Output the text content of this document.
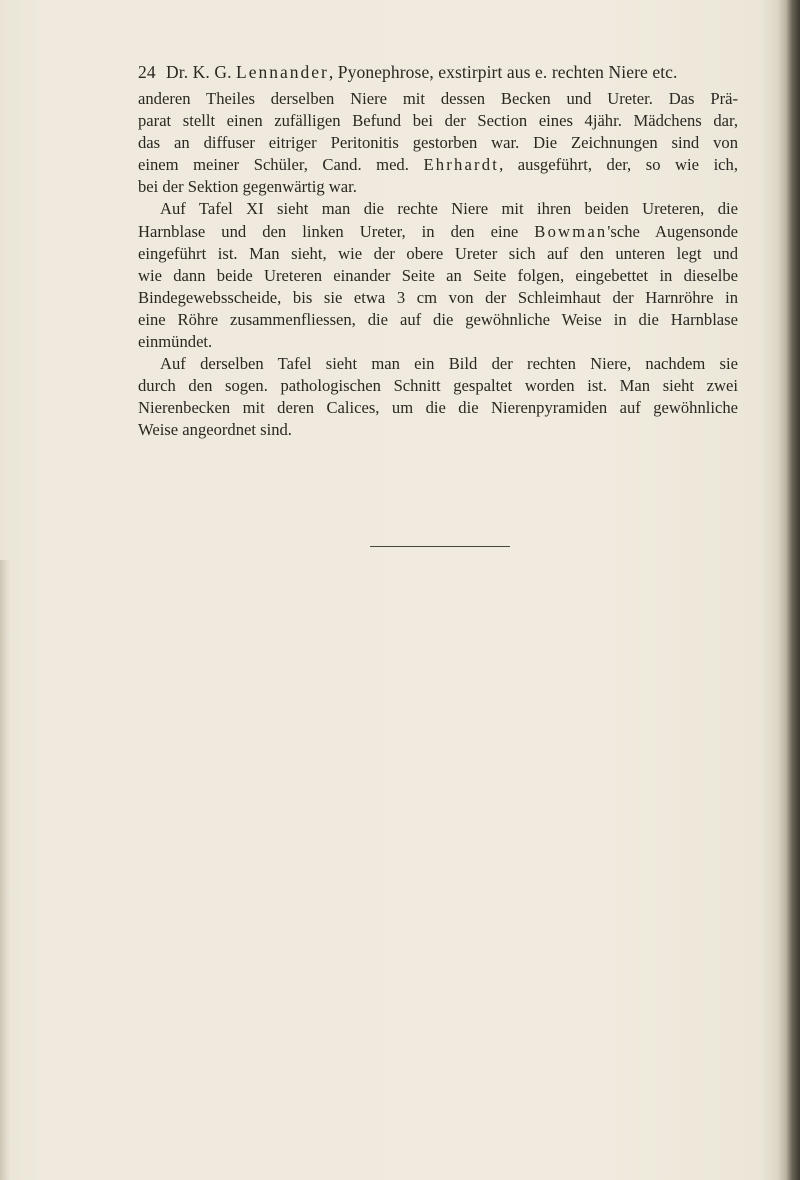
24 Dr. K. G. Lennander, Pyonephrose, exstirpirt aus e. rechten Niere etc.

anderen Theiles derselben Niere mit dessen Becken und Ureter. Das Prä-

parat stellt einen zufälligen Befund bei der Section eines 4jähr. Mädchens dar,

das an diffuser eitriger Peritonitis gestorben war. Die Zeichnungen sind von

einem meiner Schüler, Cand. med. Ehrhardt, ausgeführt, der, so wie ich,

bei der Sektion gegenwärtig war.

Auf Tafel XI sieht man die rechte Niere mit ihren beiden Ureteren, die

Harnblase und den linken Ureter, in den eine Bowman'sche Augensonde

eingeführt ist. Man sieht, wie der obere Ureter sich auf den unteren legt und

wie dann beide Ureteren einander Seite an Seite folgen, eingebettet in dieselbe

Bindegewebsscheide, bis sie etwa 3 cm von der Schleimhaut der Harnröhre in

eine Röhre zusammenfliessen, die auf die gewöhnliche Weise in die Harnblase

einmündet.

Auf derselben Tafel sieht man ein Bild der rechten Niere, nachdem sie

durch den sogen. pathologischen Schnitt gespaltet worden ist. Man sieht zwei

Nierenbecken mit deren Calices, um die die Nierenpyramiden auf gewöhnliche

Weise angeordnet sind.
